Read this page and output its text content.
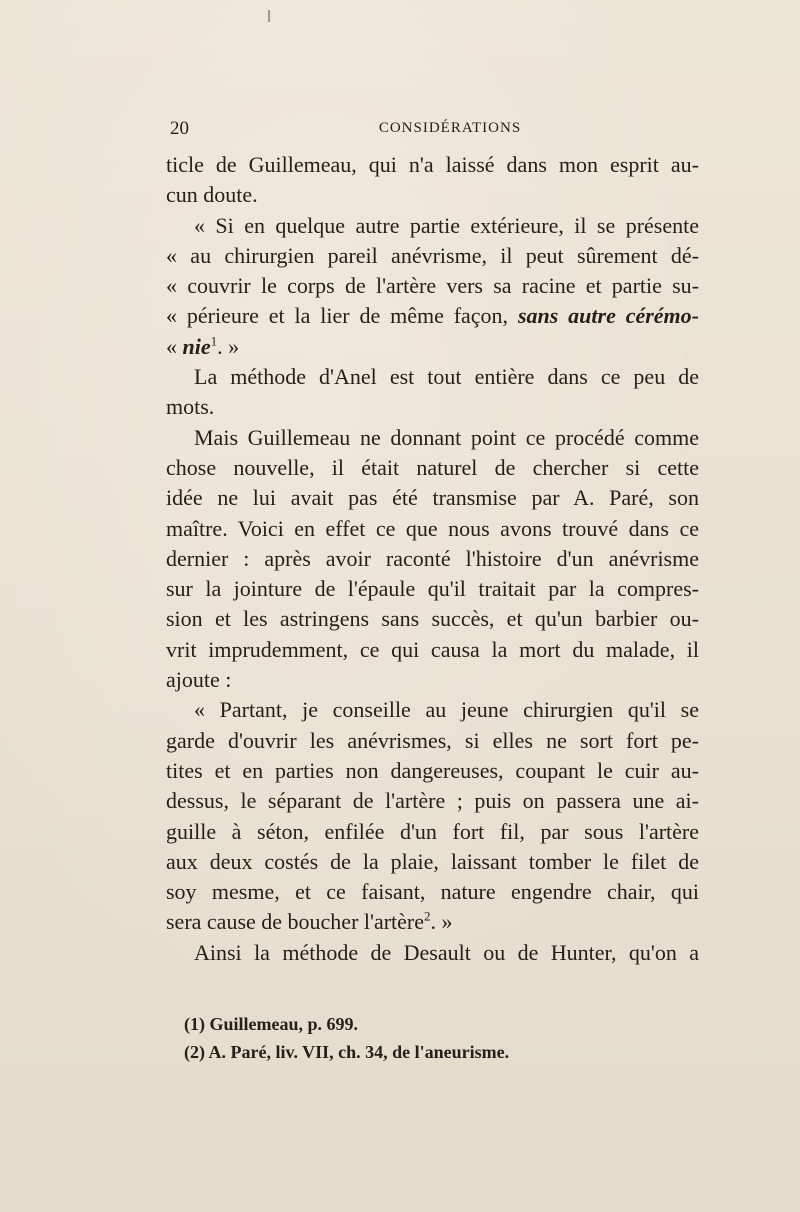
20	CONSIDÉRATIONS
ticle de Guillemeau, qui n'a laissé dans mon esprit au-
cun doute.
« Si en quelque autre partie extérieure, il se présente
« au chirurgien pareil anévrisme, il peut sûrement dé-
« couvrir le corps de l'artère vers sa racine et partie su-
« périeure et la lier de même façon, sans autre cérémo-
« nie$^1$. »
La méthode d'Anel est tout entière dans ce peu de
mots.
Mais Guillemeau ne donnant point ce procédé comme
chose nouvelle, il était naturel de chercher si cette
idée ne lui avait pas été transmise par A. Paré, son
maître. Voici en effet ce que nous avons trouvé dans ce
dernier : après avoir raconté l'histoire d'un anévrisme
sur la jointure de l'épaule qu'il traitait par la compres-
sion et les astringens sans succès, et qu'un barbier ou-
vrit imprudemment, ce qui causa la mort du malade, il
ajoute :
« Partant, je conseille au jeune chirurgien qu'il se
garde d'ouvrir les anévrismes, si elles ne sort fort pe-
tites et en parties non dangereuses, coupant le cuir au-
dessus, le séparant de l'artère ; puis on passera une ai-
guille à séton, enfilée d'un fort fil, par sous l'artère
aux deux costés de la plaie, laissant tomber le filet de
soy mesme, et ce faisant, nature engendre chair, qui
sera cause de boucher l'artère$^2$. »
Ainsi la méthode de Desault ou de Hunter, qu'on a
(1) Guillemeau, p. 699.
(2) A. Paré, liv. VII, ch. 34, de l'aneurisme.
